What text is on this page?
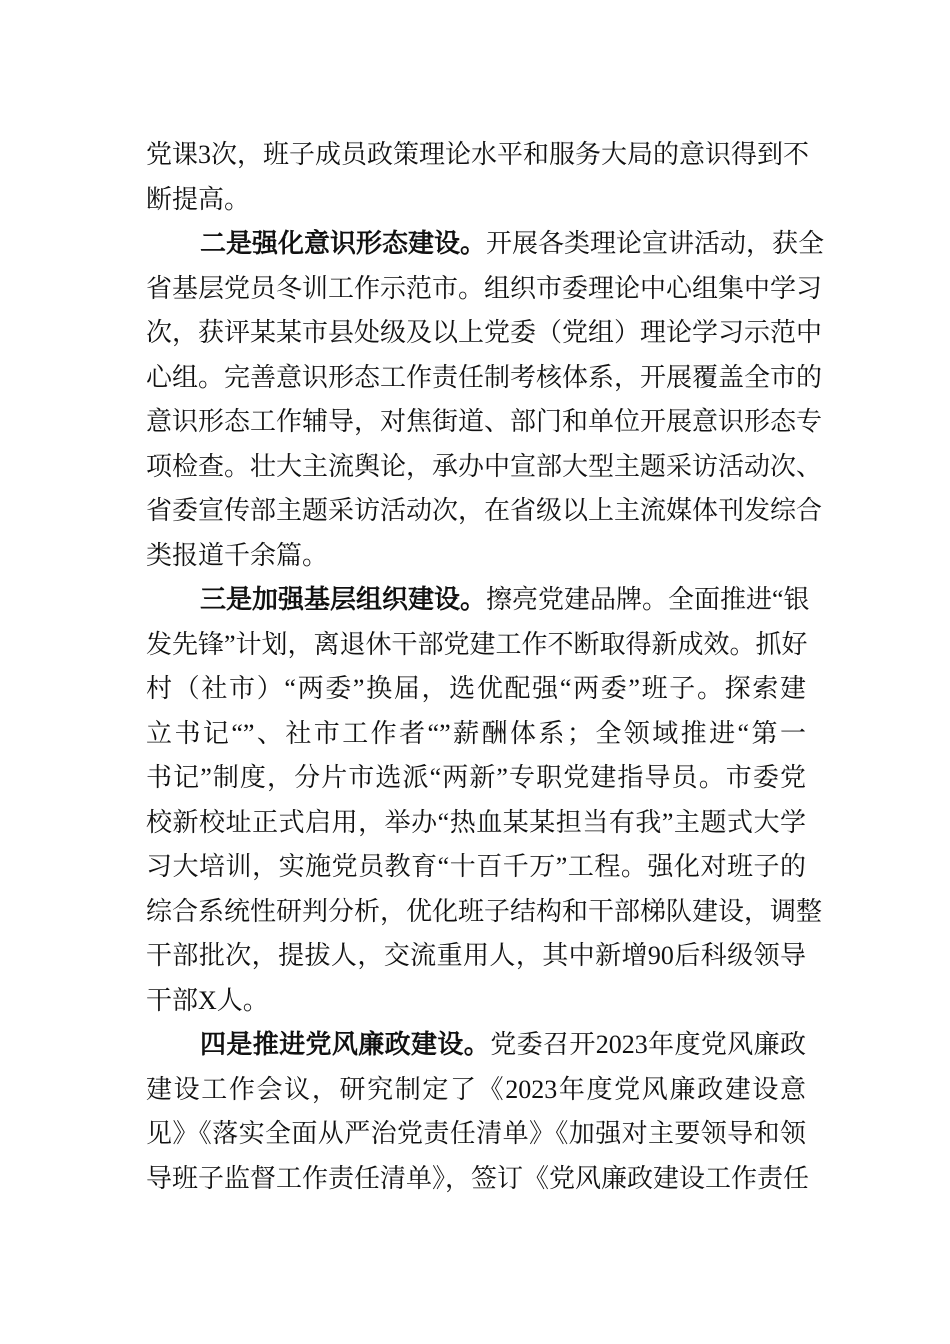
党课3次，班子成员政策理论水平和服务大局的意识得到不
断提高。
二是强化意识形态建设。开展各类理论宣讲活动，获全
省基层党员冬训工作示范市。组织市委理论中心组集中学习
次，获评某某市县处级及以上党委（党组）理论学习示范中
心组。完善意识形态工作责任制考核体系，开展覆盖全市的
意识形态工作辅导，对焦街道、部门和单位开展意识形态专
项检查。壮大主流舆论，承办中宣部大型主题采访活动次、
省委宣传部主题采访活动次，在省级以上主流媒体刊发综合
类报道千余篇。
三是加强基层组织建设。擦亮党建品牌。全面推进“银
发先锋”计划，离退休干部党建工作不断取得新成效。抓好
村（社市）“两委”换届，选优配强“两委”班子。探索建
立书记“”、社市工作者“”薪酬体系；全领域推进“第一
书记”制度，分片市选派“两新”专职党建指导员。市委党
校新校址正式启用，举办“热血某某担当有我”主题式大学
习大培训，实施党员教育“十百千万”工程。强化对班子的
综合系统性研判分析，优化班子结构和干部梯队建设，调整
干部批次，提拔人，交流重用人，其中新增90后科级领导
干部X人。
四是推进党风廉政建设。党委召开2023年度党风廉政
建设工作会议，研究制定了《2023年度党风廉政建设意
见》《落实全面从严治党责任清单》《加强对主要领导和领
导班子监督工作责任清单》，签订《党风廉政建设工作责任
